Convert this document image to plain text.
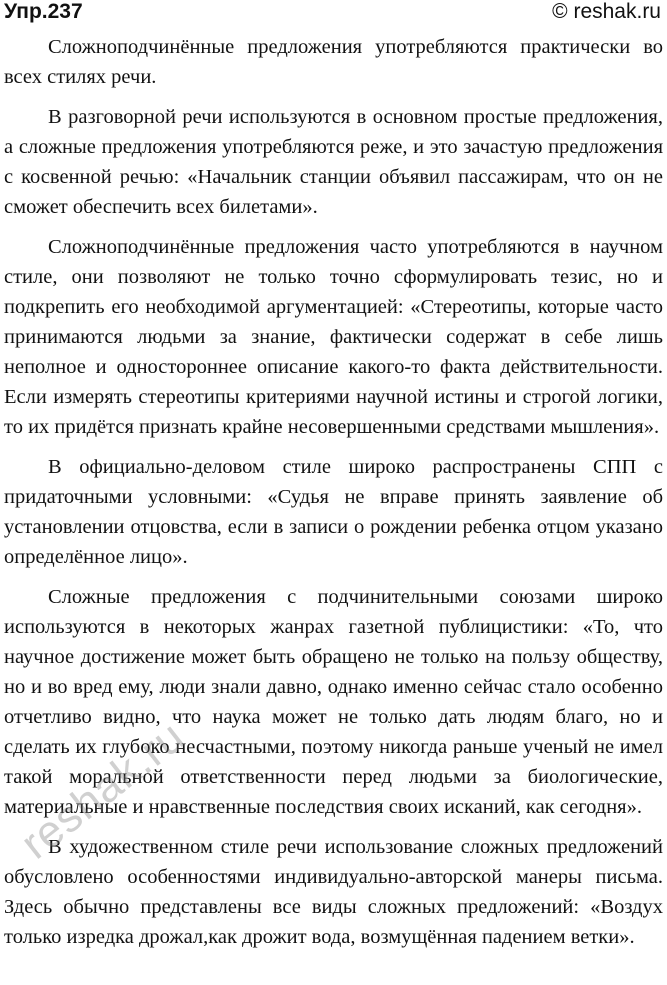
Упр.237	© reshak.ru

Сложноподчинённые предложения употребляются практически во всех стилях речи.

В разговорной речи используются в основном простые предложения, а сложные предложения употребляются реже, и это зачастую предложения с косвенной речью: «Начальник станции объявил пассажирам, что он не сможет обеспечить всех билетами».

Сложноподчинённые предложения часто употребляются в научном стиле, они позволяют не только точно сформулировать тезис, но и подкрепить его необходимой аргументацией: «Стереотипы, которые часто принимаются людьми за знание, фактически содержат в себе лишь неполное и одностороннее описание какого-то факта действительности. Если измерять стереотипы критериями научной истины и строгой логики, то их придётся признать крайне несовершенными средствами мышления».

В официально-деловом стиле широко распространены СПП с придаточными условными: «Судья не вправе принять заявление об установлении отцовства, если в записи о рождении ребенка отцом указано определённое лицо».

Сложные предложения с подчинительными союзами широко используются в некоторых жанрах газетной публицистики: «То, что научное достижение может быть обращено не только на пользу обществу, но и во вред ему, люди знали давно, однако именно сейчас стало особенно отчетливо видно, что наука может не только дать людям благо, но и сделать их глубоко несчастными, поэтому никогда раньше ученый не имел такой моральной ответственности перед людьми за биологические, материальные и нравственные последствия своих исканий, как сегодня».

В художественном стиле речи использование сложных предложений обусловлено особенностями индивидуально-авторской манеры письма. Здесь обычно представлены все виды сложных предложений: «Воздух только изредка дрожал,как дрожит вода, возмущённая падением ветки».

reshak.ru
